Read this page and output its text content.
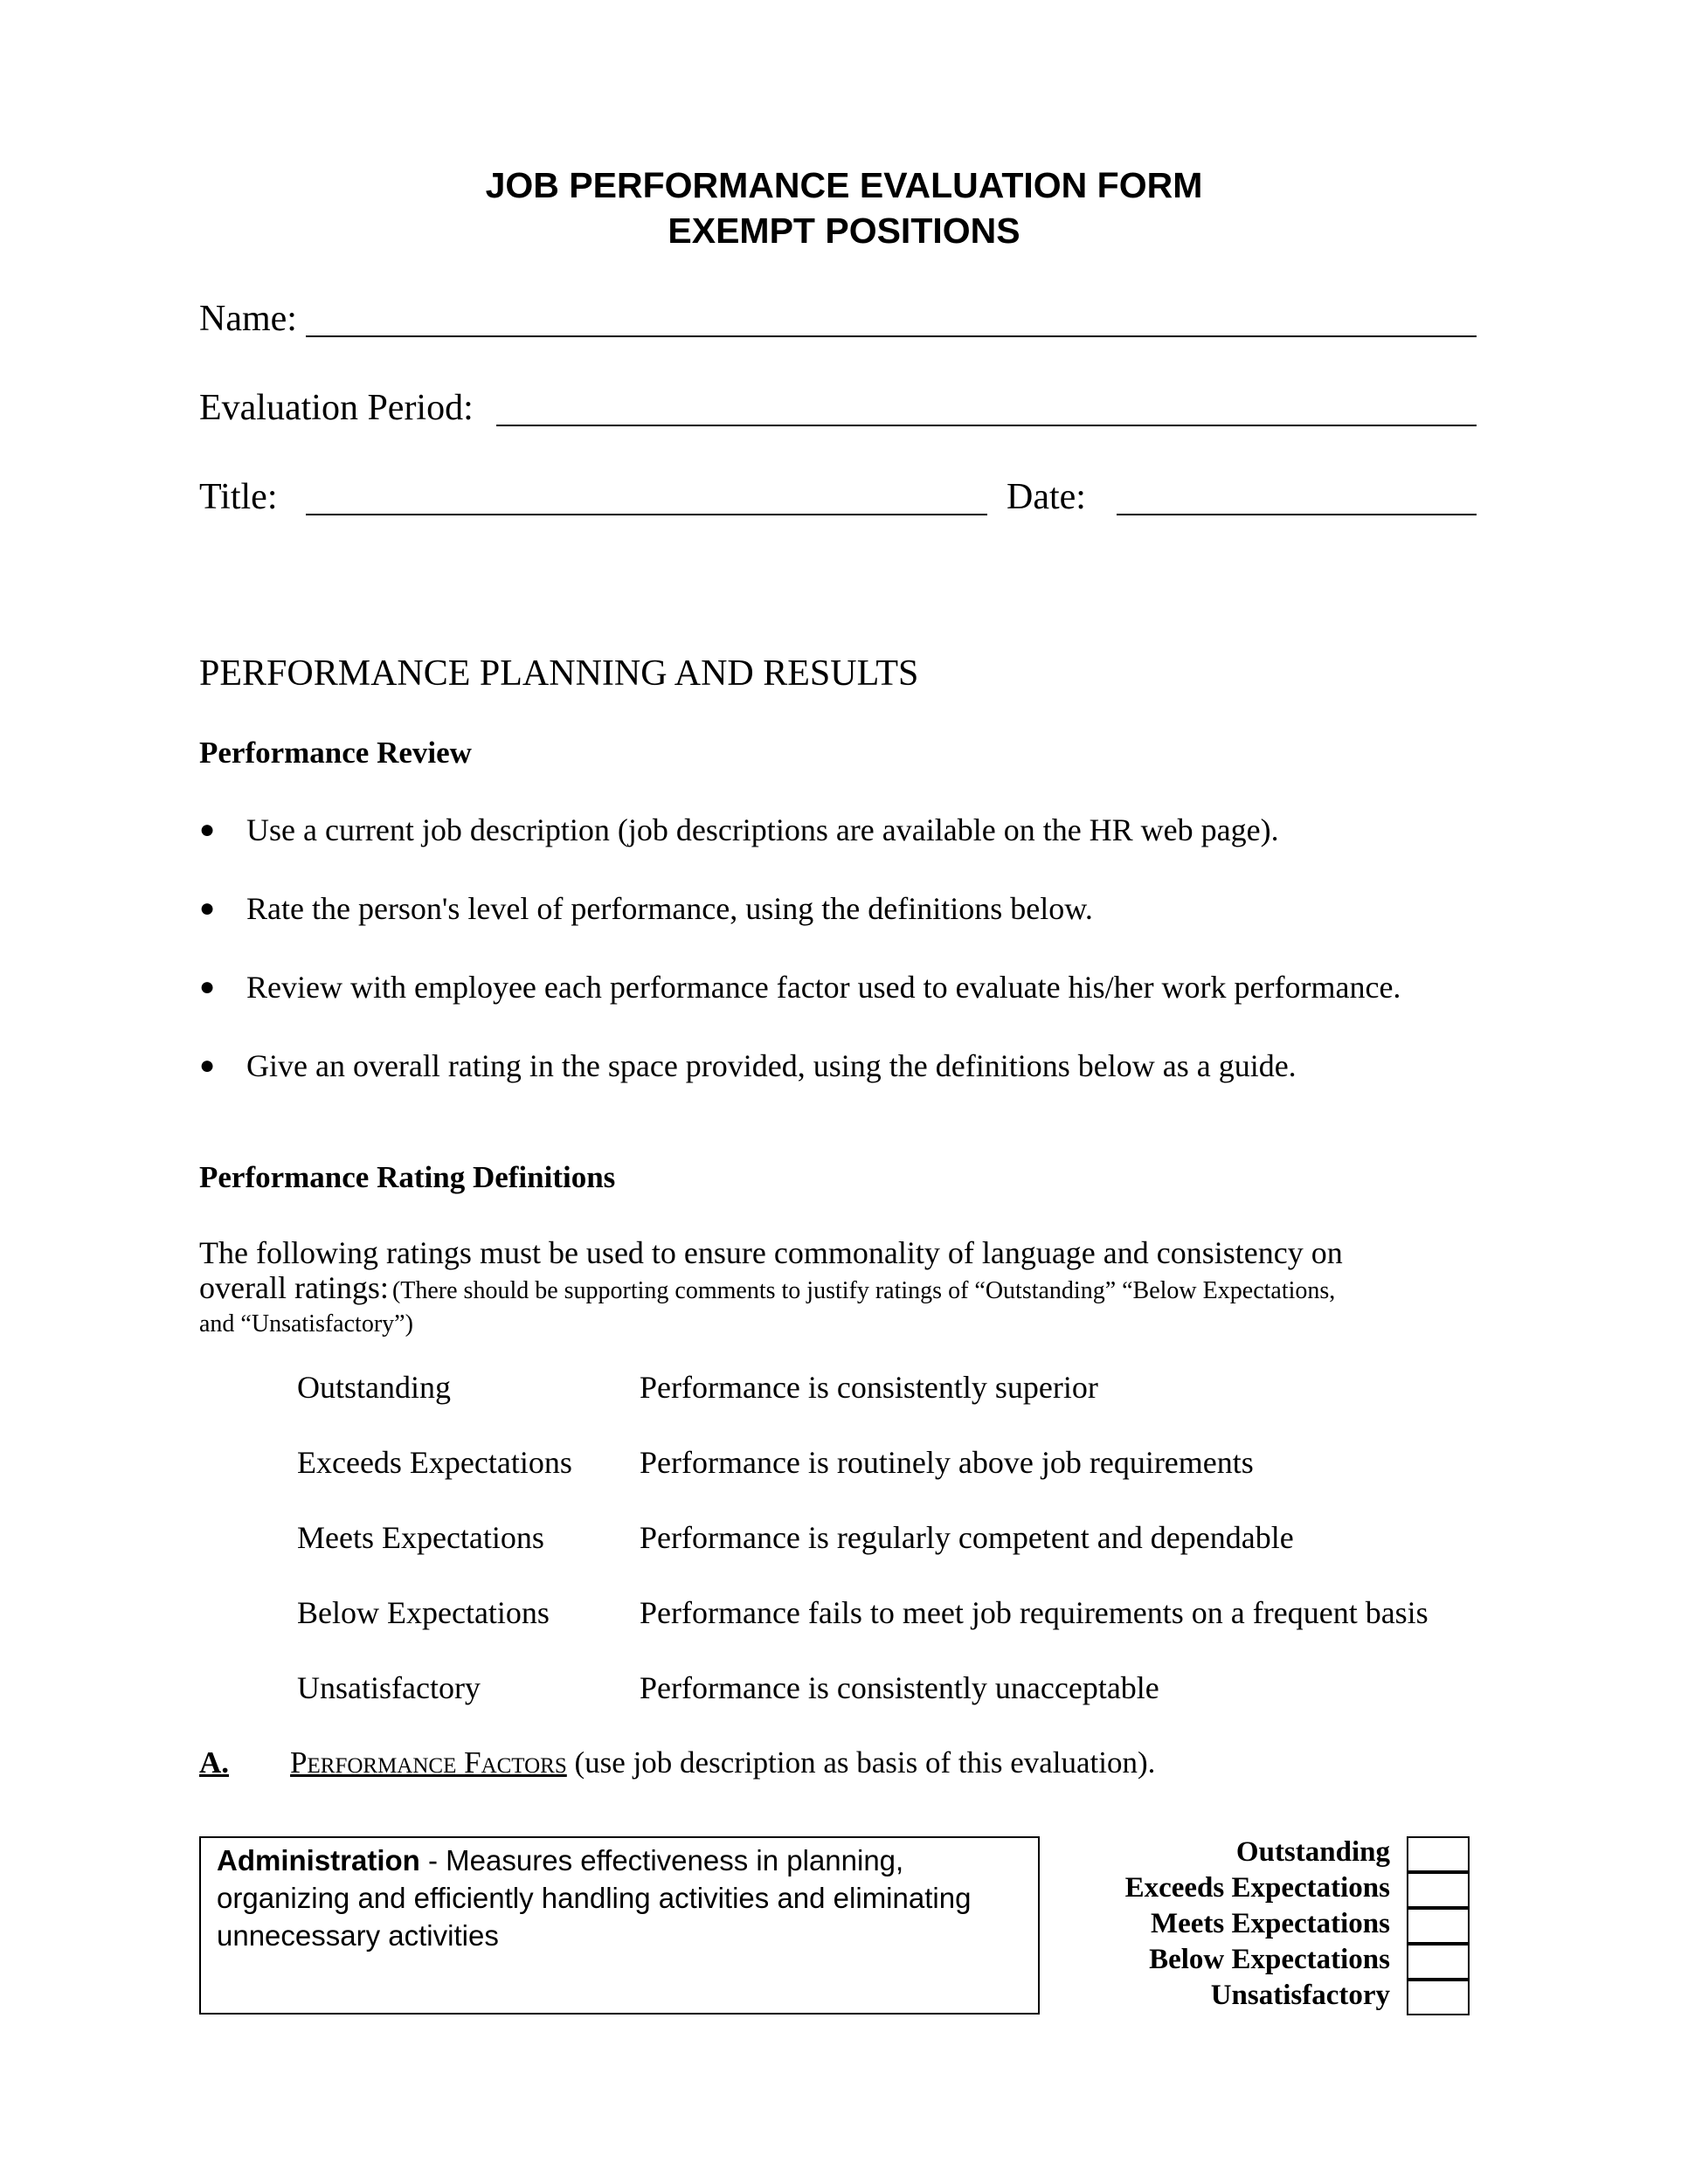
JOB PERFORMANCE EVALUATION FORM
EXEMPT POSITIONS
Name:
Evaluation Period:
Title:	Date:
PERFORMANCE PLANNING AND RESULTS
Performance Review
● Use a current job description (job descriptions are available on the HR web page).
● Rate the person's level of performance, using the definitions below.
● Review with employee each performance factor used to evaluate his/her work performance.
● Give an overall rating in the space provided, using the definitions below as a guide.
Performance Rating Definitions
The following ratings must be used to ensure commonality of language and consistency on
overall ratings: (There should be supporting comments to justify ratings of “Outstanding” “Below Expectations,
and “Unsatisfactory”)
Outstanding	Performance is consistently superior
Exceeds Expectations Performance is routinely above job requirements
Meets Expectations	Performance is regularly competent and dependable
Below Expectations	Performance fails to meet job requirements on a frequent basis
Unsatisfactory	Performance is consistently unacceptable
A. Performance Factors (use job description as basis of this evaluation).
Administration - Measures effectiveness in planning, organizing and efficiently handling activities and eliminating unnecessary activities
Outstanding
Exceeds Expectations
Meets Expectations
Below Expectations
Unsatisfactory
